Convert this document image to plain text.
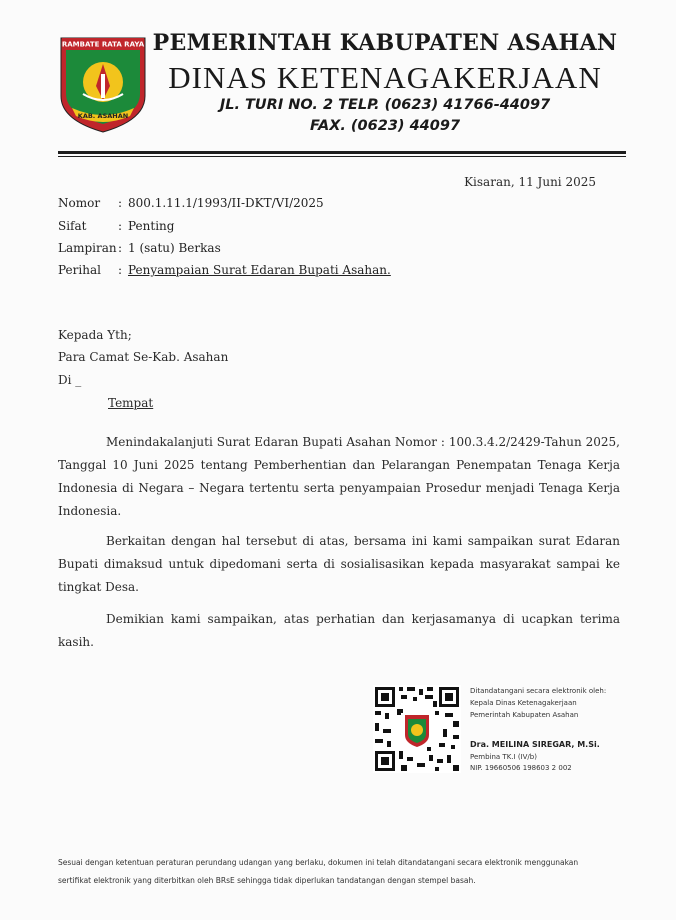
RAMBATE RATA RAYA
KAB. ASAHAN
PEMERINTAH KABUPATEN ASAHAN
DINAS KETENAGAKERJAAN
JL. TURI NO. 2 TELP. (0623) 41766-44097
FAX. (0623) 44097
Kisaran, 11 Juni 2025
Nomor : 800.1.11.1/1993/II-DKT/VI/2025
Sifat	: Penting
Lampiran: 1 (satu) Berkas
Perihal : Penyampaian Surat Edaran Bupati Asahan.
Kepada Yth;
Para Camat Se-Kab. Asahan
Di _
Tempat
Menindakalanjuti Surat Edaran Bupati Asahan Nomor : 100.3.4.2/2429-Tahun 2025, Tanggal 10 Juni 2025 tentang Pemberhentian dan Pelarangan Penempatan Tenaga Kerja Indonesia di Negara – Negara tertentu serta penyampaian Prosedur menjadi Tenaga Kerja Indonesia.
Berkaitan dengan hal tersebut di atas, bersama ini kami sampaikan surat Edaran Bupati dimaksud untuk dipedomani serta di sosialisasikan kepada masyarakat sampai ke tingkat Desa.
Demikian kami sampaikan, atas perhatian dan kerjasamanya di ucapkan terima kasih.
Ditandatangani secara elektronik oleh:
Kepala Dinas Ketenagakerjaan
Pemerintah Kabupaten Asahan
Dra. MEILINA SIREGAR, M.Si.
Pembina TK.I (IV/b)
NIP. 19660506 198603 2 002
Sesuai dengan ketentuan peraturan perundang udangan yang berlaku, dokumen ini telah ditandatangani secara elektronik menggunakan
sertifikat elektronik yang diterbitkan oleh BRsE sehingga tidak diperlukan tandatangan dengan stempel basah.
